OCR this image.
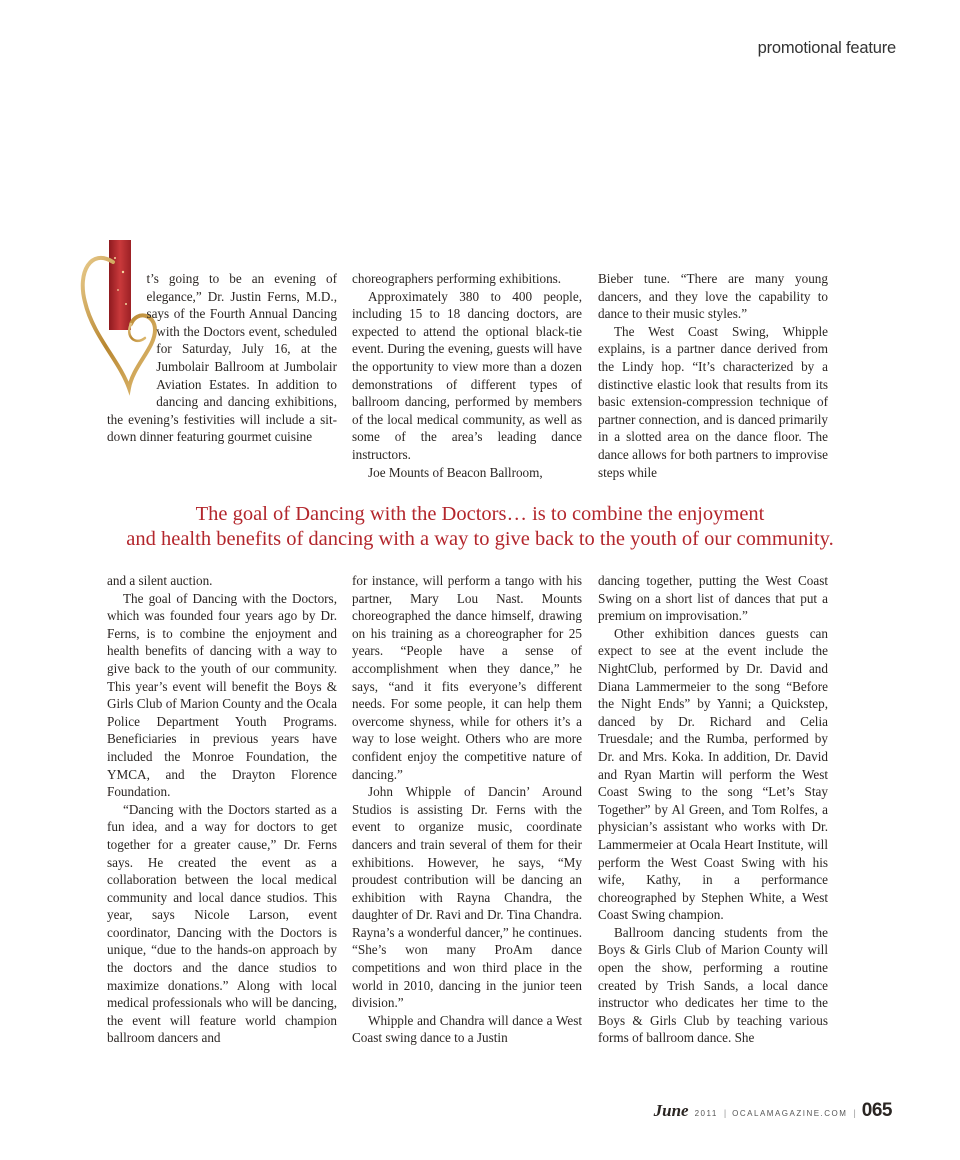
promotional feature

t’s going to be an evening of elegance,” Dr. Justin Ferns, M.D., says of the Fourth Annual Dancing with the Doctors event, scheduled for Saturday, July 16, at the Jumbolair Ballroom at Jumbolair Aviation Estates. In addition to dancing and dancing exhibitions, the evening’s festivities will include a sit-down dinner featuring gourmet cuisine

choreographers performing exhibitions.

Approximately 380 to 400 people, including 15 to 18 dancing doctors, are expected to attend the optional black-tie event. During the evening, guests will have the opportunity to view more than a dozen demonstrations of different types of ballroom dancing, performed by members of the local medical community, as well as some of the area’s leading dance instructors.

Joe Mounts of Beacon Ballroom,

Bieber tune. “There are many young dancers, and they love the capability to dance to their music styles.”

The West Coast Swing, Whipple explains, is a partner dance derived from the Lindy hop. “It’s characterized by a distinctive elastic look that results from its basic extension-compression technique of partner connection, and is danced primarily in a slotted area on the dance floor. The dance allows for both partners to improvise steps while

The goal of Dancing with the Doctors… is to combine the enjoyment
and health benefits of dancing with a way to give back to the youth of our community.

and a silent auction.

The goal of Dancing with the Doctors, which was founded four years ago by Dr. Ferns, is to combine the enjoyment and health benefits of dancing with a way to give back to the youth of our community. This year’s event will benefit the Boys & Girls Club of Marion County and the Ocala Police Department Youth Programs. Beneficiaries in previous years have included the Monroe Foundation, the YMCA, and the Drayton Florence Foundation.

“Dancing with the Doctors started as a fun idea, and a way for doctors to get together for a greater cause,” Dr. Ferns says. He created the event as a collaboration between the local medical community and local dance studios. This year, says Nicole Larson, event coordinator, Dancing with the Doctors is unique, “due to the hands-on approach by the doctors and the dance studios to maximize donations.” Along with local medical professionals who will be dancing, the event will feature world champion ballroom dancers and

for instance, will perform a tango with his partner, Mary Lou Nast. Mounts choreographed the dance himself, drawing on his training as a choreographer for 25 years. “People have a sense of accomplishment when they dance,” he says, “and it fits everyone’s different needs. For some people, it can help them overcome shyness, while for others it’s a way to lose weight. Others who are more confident enjoy the competitive nature of dancing.”

John Whipple of Dancin’ Around Studios is assisting Dr. Ferns with the event to organize music, coordinate dancers and train several of them for their exhibitions. However, he says, “My proudest contribution will be dancing an exhibition with Rayna Chandra, the daughter of Dr. Ravi and Dr. Tina Chandra. Rayna’s a wonderful dancer,” he continues. “She’s won many ProAm dance competitions and won third place in the world in 2010, dancing in the junior teen division.”

Whipple and Chandra will dance a West Coast swing dance to a Justin

dancing together, putting the West Coast Swing on a short list of dances that put a premium on improvisation.”

Other exhibition dances guests can expect to see at the event include the NightClub, performed by Dr. David and Diana Lammermeier to the song “Before the Night Ends” by Yanni; a Quickstep, danced by Dr. Richard and Celia Truesdale; and the Rumba, performed by Dr. and Mrs. Koka. In addition, Dr. David and Ryan Martin will perform the West Coast Swing to the song “Let’s Stay Together” by Al Green, and Tom Rolfes, a physician’s assistant who works with Dr. Lammermeier at Ocala Heart Institute, will perform the West Coast Swing with his wife, Kathy, in a performance choreographed by Stephen White, a West Coast Swing champion.

Ballroom dancing students from the Boys & Girls Club of Marion County will open the show, performing a routine created by Trish Sands, a local dance instructor who dedicates her time to the Boys & Girls Club by teaching various forms of ballroom dance. She

June 2011 | OCALAMAGAZINE.COM | 065
